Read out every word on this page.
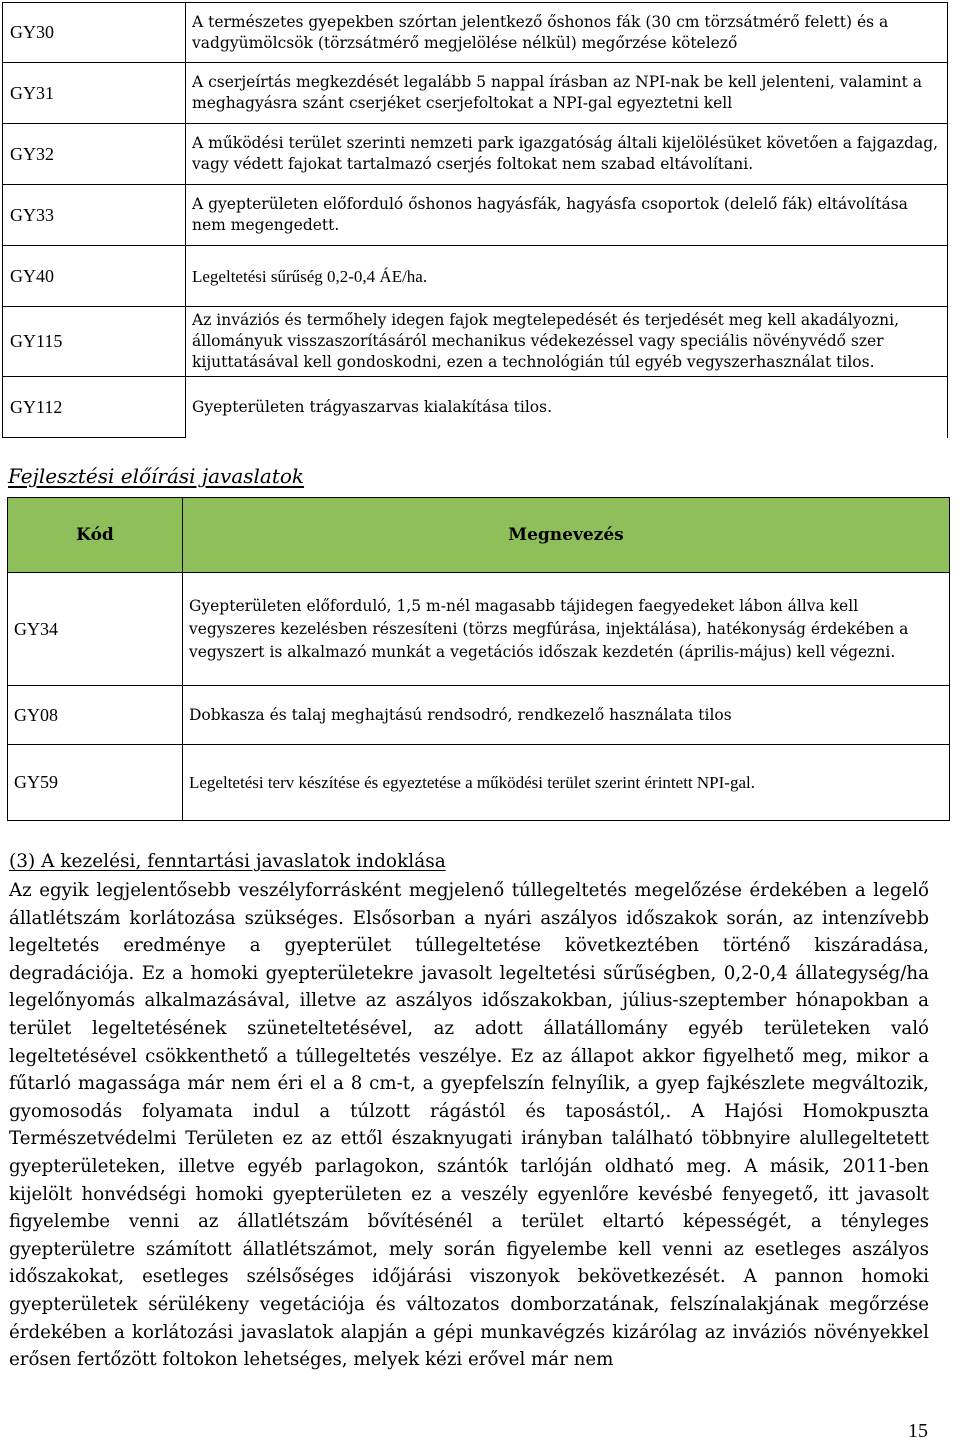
GY30	A természetes gyepekben szórtan jelentkező őshonos fák (30 cm törzsátmérő felett) és a vadgyümölcsök (törzsátmérő megjelölése nélkül) megőrzése kötelező
GY31	A cserjeírtás megkezdését legalább 5 nappal írásban az NPI-nak be kell jelenteni, valamint a meghagyásra szánt cserjéket cserjefoltokat a NPI-gal egyeztetni kell
GY32	A működési terület szerinti nemzeti park igazgatóság általi kijelölésüket követően a fajgazdag, vagy védett fajokat tartalmazó cserjés foltokat nem szabad eltávolítani.
GY33	A gyepterületen előforduló őshonos hagyásfák, hagyásfa csoportok (delelő fák) eltávolítása nem megengedett.
GY40	Legeltetési sűrűség 0,2-0,4 ÁE/ha.
GY115	Az inváziós és termőhely idegen fajok megtelepedését és terjedését meg kell akadályozni, állományuk visszaszorításáról mechanikus védekezéssel vagy speciális növényvédő szer kijuttatásával kell gondoskodni, ezen a technológián túl egyéb vegyszerhasználat tilos.
GY112	Gyepterületen trágyaszarvas kialakítása tilos.
Fejlesztési előírási javaslatok
Kód	Megnevezés
GY34	Gyepterületen előforduló, 1,5 m-nél magasabb tájidegen faegyedeket lábon állva kell vegyszeres kezelésben részesíteni (törzs megfúrása, injektálása), hatékonyság érdekében a vegyszert is alkalmazó munkát a vegetációs időszak kezdetén (április-május) kell végezni.
GY08	Dobkasza és talaj meghajtású rendsodró, rendkezelő használata tilos
GY59	Legeltetési terv készítése és egyeztetése a működési terület szerint érintett NPI-gal.
(3) A kezelési, fenntartási javaslatok indoklása

Az egyik legjelentősebb veszélyforrásként megjelenő túllegeltetés megelőzése érdekében a legelő állatlétszám korlátozása szükséges. Elsősorban a nyári aszályos időszakok során, az intenzívebb legeltetés eredménye a gyepterület túllegeltetése következtében történő kiszáradása, degradációja. Ez a homoki gyepterületekre javasolt legeltetési sűrűségben, 0,2-0,4 állategység/ha legelőnyomás alkalmazásával, illetve az aszályos időszakokban, július-szeptember hónapokban a terület legeltetésének szüneteltetésével, az adott állatállomány egyéb területeken való legeltetésével csökkenthető a túllegeltetés veszélye. Ez az állapot akkor figyelhető meg, mikor a fűtarló magassága már nem éri el a 8 cm-t, a gyepfelszín felnyílik, a gyep fajkészlete megváltozik, gyomosodás folyamata indul a túlzott rágástól és taposástól,. A Hajósi Homokpuszta Természetvédelmi Területen ez az ettől északnyugati irányban található többnyire alullegeltetett gyepterületeken, illetve egyéb parlagokon, szántók tarlóján oldható meg. A másik, 2011-ben kijelölt honvédségi homoki gyepterületen ez a veszély egyenlőre kevésbé fenyegető, itt javasolt figyelembe venni az állatlétszám bővítésénél a terület eltartó képességét, a tényleges gyepterületre számított állatlétszámot, mely során figyelembe kell venni az esetleges aszályos időszakokat, esetleges szélsőséges időjárási viszonyok bekövetkezését. A pannon homoki gyepterületek sérülékeny vegetációja és változatos domborzatának, felszínalakjának megőrzése érdekében a korlátozási javaslatok alapján a gépi munkavégzés kizárólag az inváziós növényekkel erősen fertőzött foltokon lehetséges, melyek kézi erővel már nem

15
